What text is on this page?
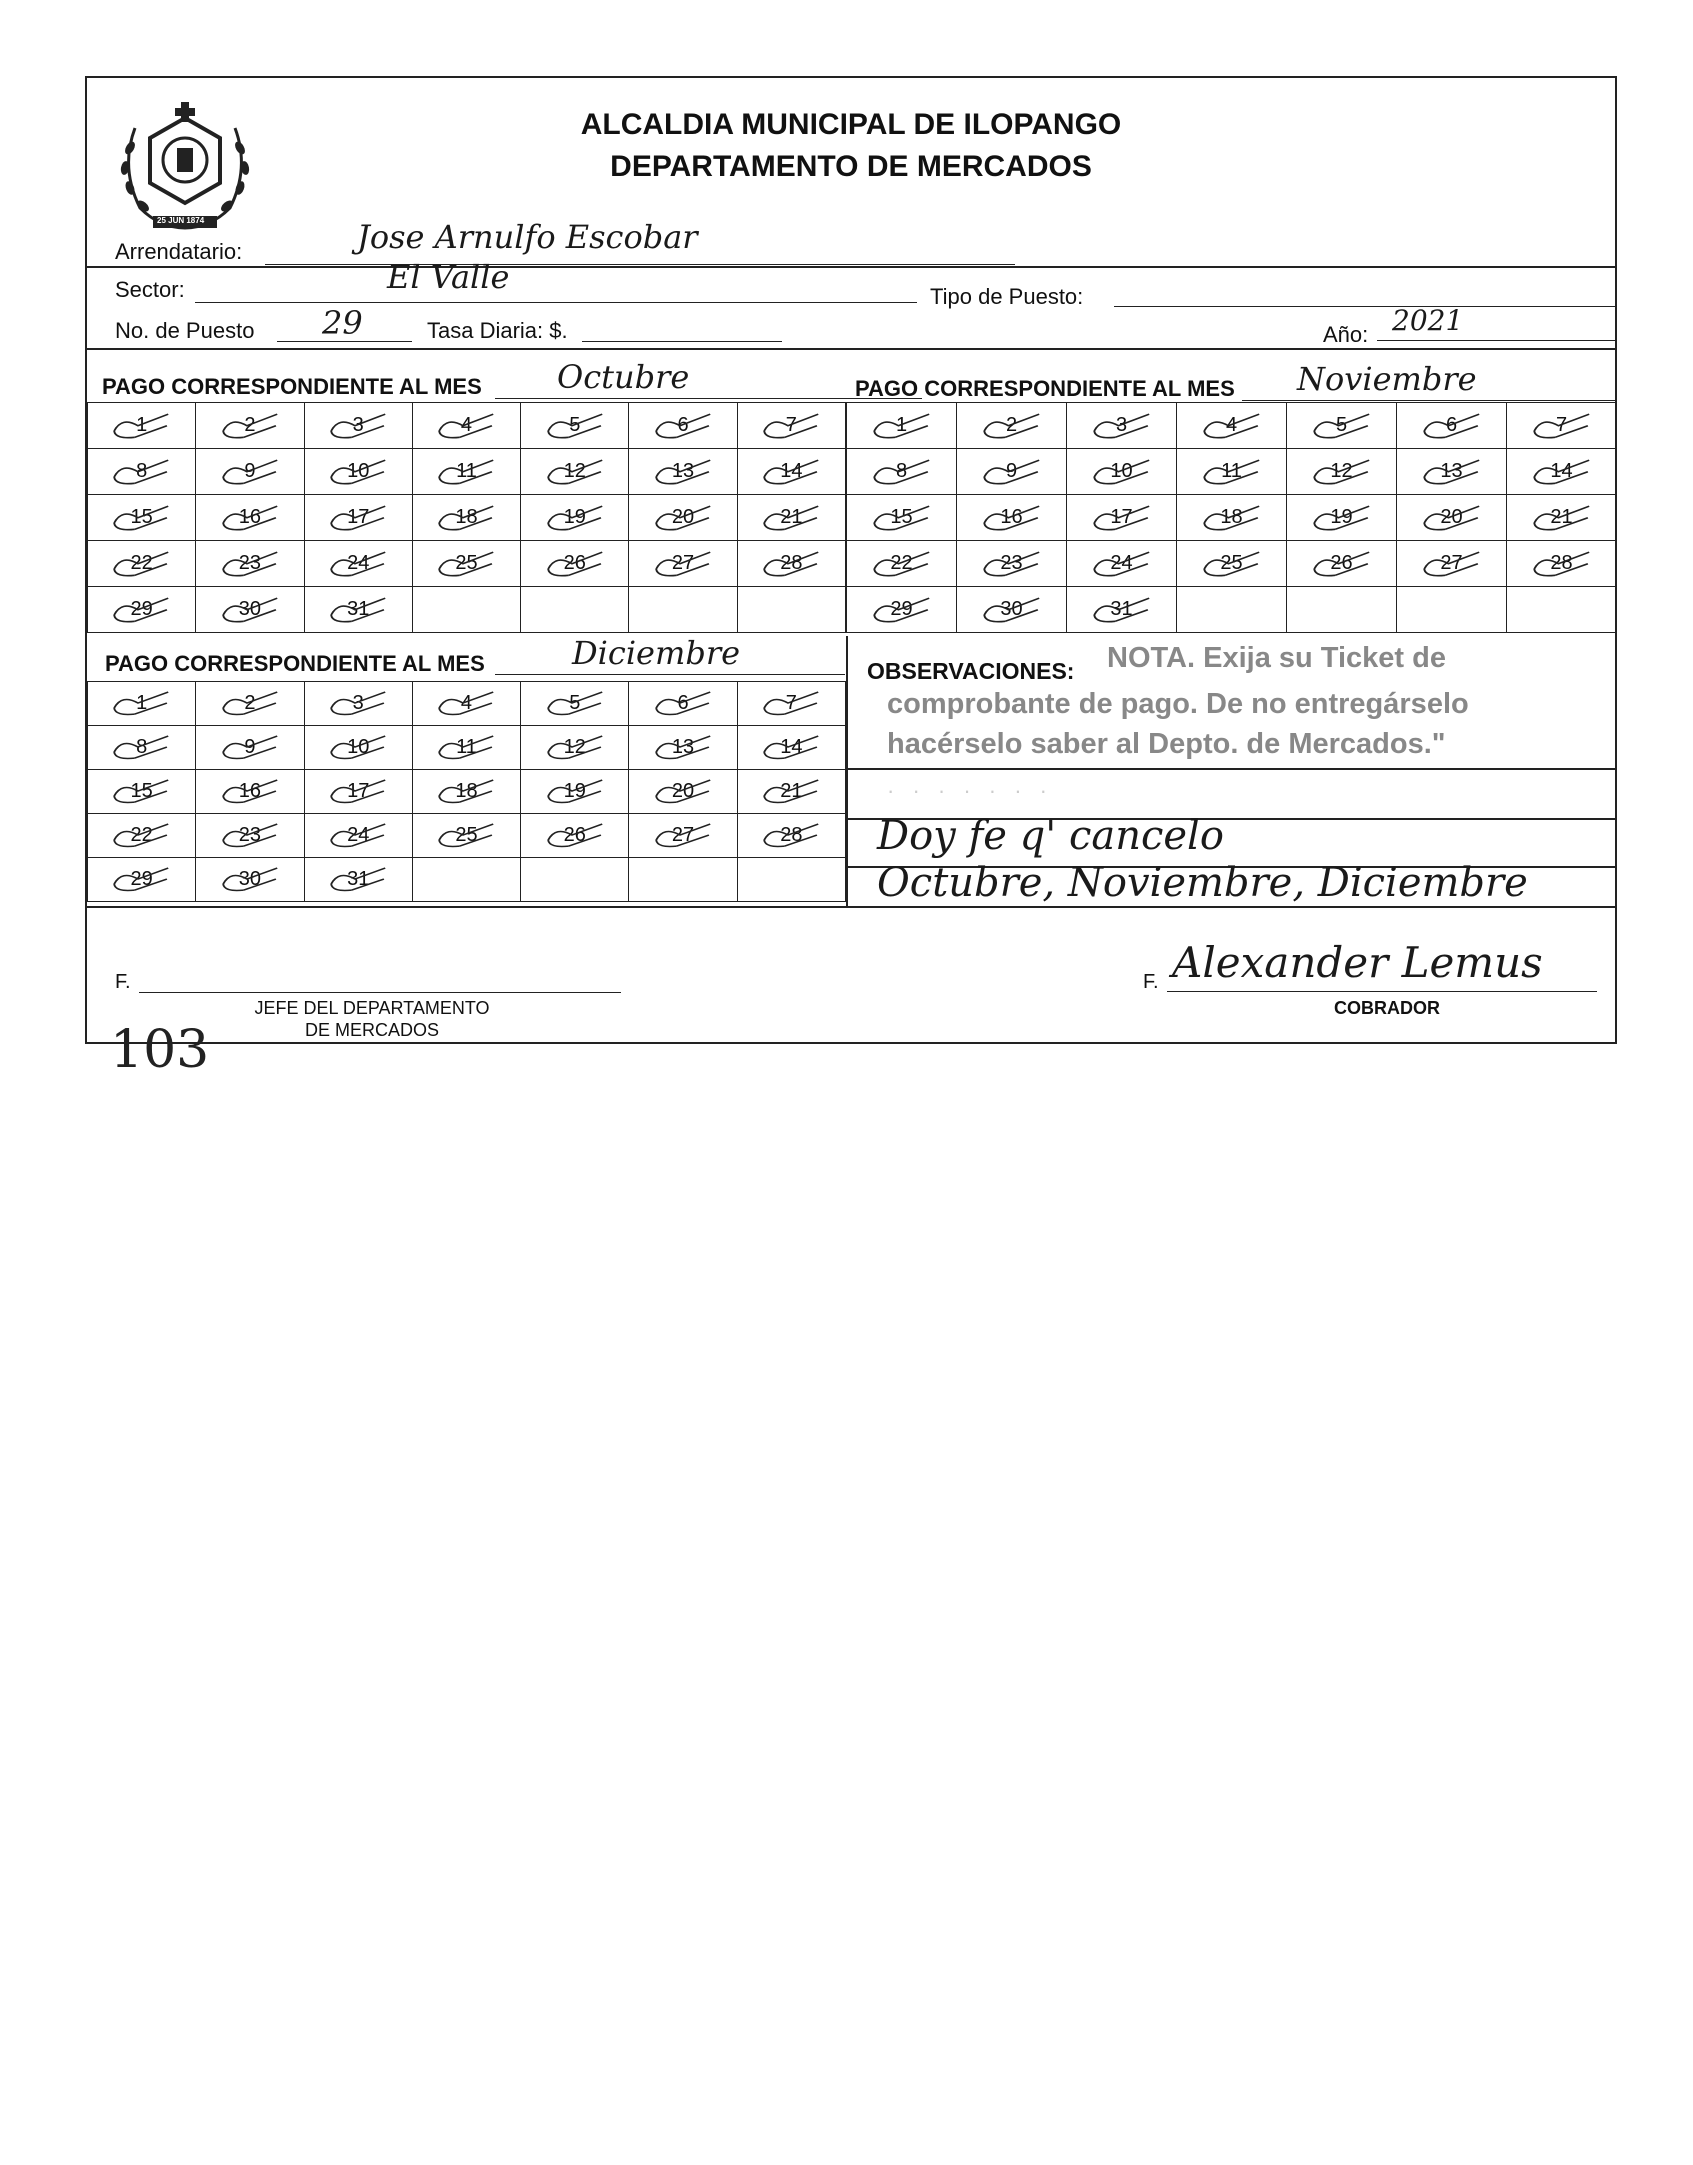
25 JUN 1874
ALCALDIA MUNICIPAL DE ILOPANGO
DEPARTAMENTO DE MERCADOS
Arrendatario:	Jose Arnulfo Escobar
Sector:	El Valle
Tipo de Puesto:
No. de Puesto 29	Tasa Diaria: $.	Año: 2021
PAGO CORRESPONDIENTE AL MES Octubre	PAGO CORRESPONDIENTE AL MES Noviembre
1	2	3	4	5	6	7

8	9	10	11	12	13	14

15	16	17	18	19	20	21

22	23	24	25	26	27	28

29	30	31

1	2	3	4	5	6	7

8	9	10	11	12	13	14

15	16	17	18	19	20	21

22	23	24	25	26	27	28

29	30	31

PAGO CORRESPONDIENTE AL MES	Diciembre
1	2	3	4	5	6	7

8	9	10	11	12	13	14

15	16	17	18	19	20	21

22	23	24	25	26	27	28

29	30	31

OBSERVACIONES: NOTA. Exija su Ticket de
comprobante de pago. De no entregárselo
hacérselo saber al Depto. de Mercados."
· · · · · · ·
Doy fe q' cancelo
Octubre, Noviembre, Diciembre
F.
JEFE DEL DEPARTAMENTO
DE MERCADOS
F. Alexander Lemus
COBRADOR
103
